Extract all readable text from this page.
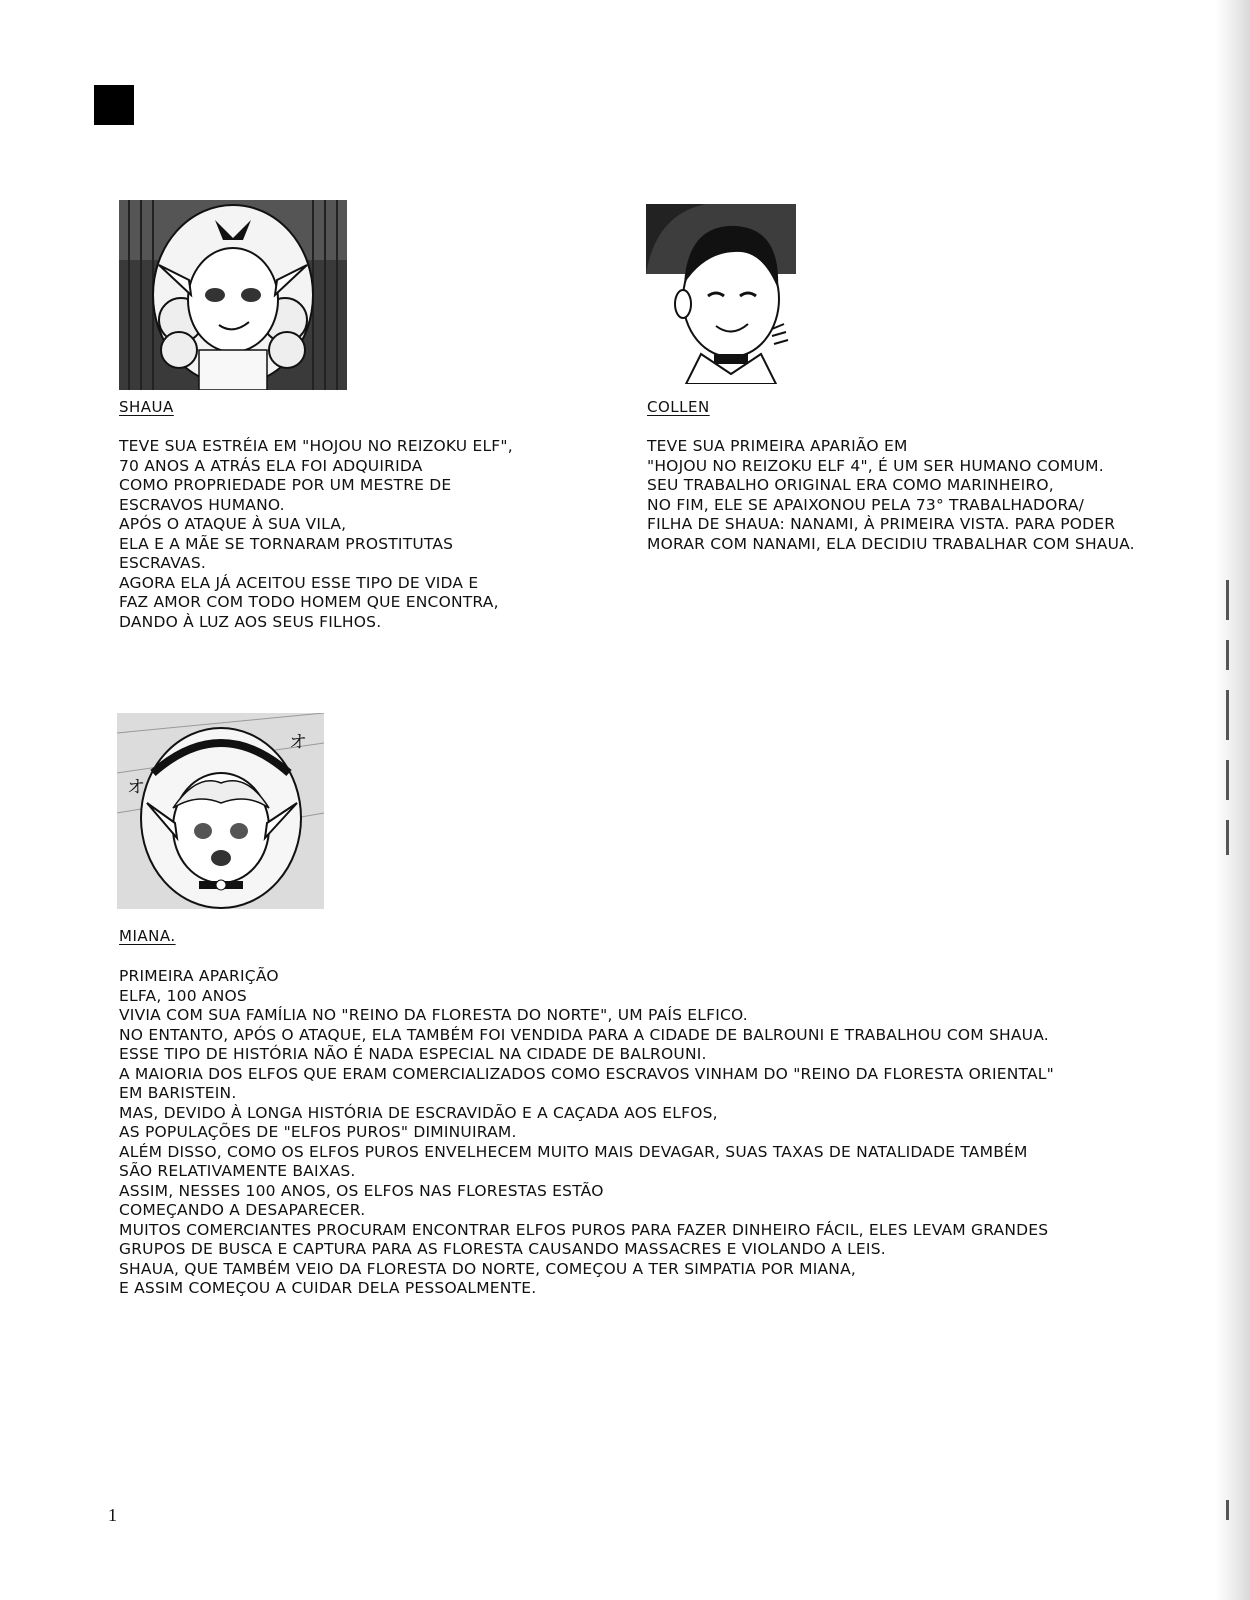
SHAUA
TEVE SUA ESTRÉIA EM "HOJOU NO REIZOKU ELF",
70 ANOS A ATRÁS ELA FOI ADQUIRIDA
COMO PROPRIEDADE POR UM MESTRE DE
ESCRAVOS HUMANO.
APÓS O ATAQUE À SUA VILA,
ELA E A MÃE SE TORNARAM PROSTITUTAS
ESCRAVAS.
AGORA ELA JÁ ACEITOU ESSE TIPO DE VIDA E
FAZ AMOR COM TODO HOMEM QUE ENCONTRA,
DANDO À LUZ AOS SEUS FILHOS.
COLLEN
TEVE SUA PRIMEIRA APARIÃO EM
"HOJOU NO REIZOKU ELF 4", É UM SER HUMANO COMUM.
SEU TRABALHO ORIGINAL ERA COMO MARINHEIRO,
NO FIM, ELE SE APAIXONOU PELA 73° TRABALHADORA/
FILHA DE SHAUA: NANAMI, À PRIMEIRA VISTA. PARA PODER
MORAR COM NANAMI, ELA DECIDIU TRABALHAR COM SHAUA.
オ
オ
MIANA.
PRIMEIRA APARIÇÃO
ELFA, 100 ANOS
VIVIA COM SUA FAMÍLIA NO "REINO DA FLORESTA DO NORTE", UM PAÍS ELFICO.
NO ENTANTO, APÓS O ATAQUE, ELA TAMBÉM FOI VENDIDA PARA A CIDADE DE BALROUNI E TRABALHOU COM SHAUA.
ESSE TIPO DE HISTÓRIA NÃO É NADA ESPECIAL NA CIDADE DE BALROUNI.
A MAIORIA DOS ELFOS QUE ERAM COMERCIALIZADOS COMO ESCRAVOS VINHAM DO "REINO DA FLORESTA ORIENTAL"
EM BARISTEIN.
MAS, DEVIDO À LONGA HISTÓRIA DE ESCRAVIDÃO E A CAÇADA AOS ELFOS,
AS POPULAÇÕES DE "ELFOS PUROS" DIMINUIRAM.
ALÉM DISSO, COMO OS ELFOS PUROS ENVELHECEM MUITO MAIS DEVAGAR, SUAS TAXAS DE NATALIDADE TAMBÉM
SÃO RELATIVAMENTE BAIXAS.
ASSIM, NESSES 100 ANOS, OS ELFOS NAS FLORESTAS ESTÃO
COMEÇANDO A DESAPARECER.
MUITOS COMERCIANTES PROCURAM ENCONTRAR ELFOS PUROS PARA FAZER DINHEIRO FÁCIL, ELES LEVAM GRANDES
GRUPOS DE BUSCA E CAPTURA PARA AS FLORESTA CAUSANDO MASSACRES E VIOLANDO A LEIS.
SHAUA, QUE TAMBÉM VEIO DA FLORESTA DO NORTE, COMEÇOU A TER SIMPATIA POR MIANA,
E ASSIM COMEÇOU A CUIDAR DELA PESSOALMENTE.
1
